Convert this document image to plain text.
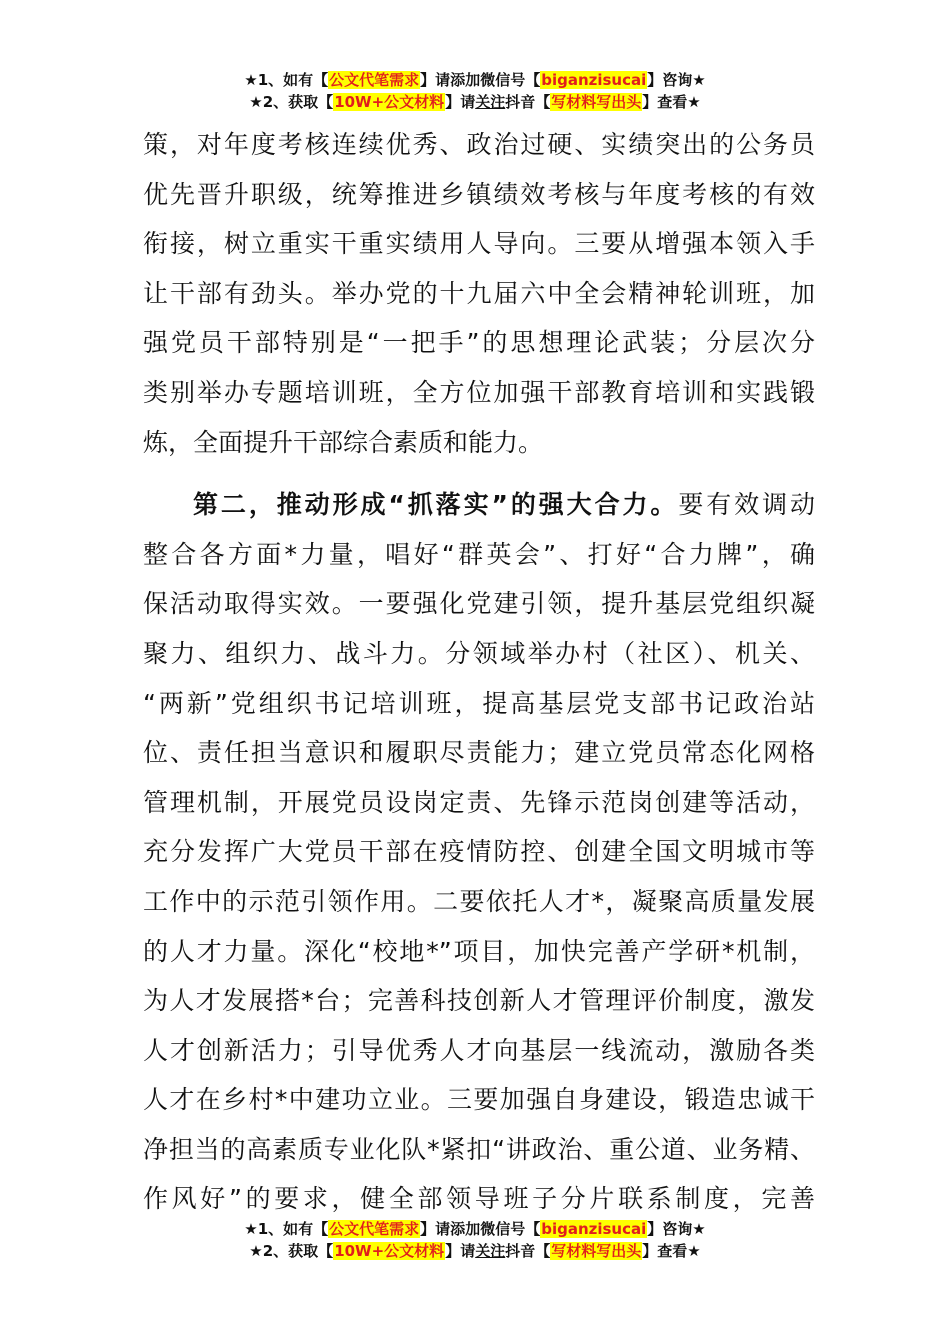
★1、如有【公文代笔需求】请添加微信号【biganzisucai】咨询★
★2、获取【10W+公文材料】请关注抖音【写材料写出头】查看★
策，对年度考核连续优秀、政治过硬、实绩突出的公务员
优先晋升职级，统筹推进乡镇绩效考核与年度考核的有效
衔接，树立重实干重实绩用人导向。三要从增强本领入手
让干部有劲头。举办党的十九届六中全会精神轮训班，加
强党员干部特别是“一把手”的思想理论武装；分层次分
类别举办专题培训班，全方位加强干部教育培训和实践锻
炼，全面提升干部综合素质和能力。
第二，推动形成“抓落实”的强大合力。要有效调动
整合各方面*力量，唱好“群英会”、打好“合力牌”，确
保活动取得实效。一要强化党建引领，提升基层党组织凝
聚力、组织力、战斗力。分领域举办村（社区）、机关、
“两新”党组织书记培训班，提高基层党支部书记政治站
位、责任担当意识和履职尽责能力；建立党员常态化网格
管理机制，开展党员设岗定责、先锋示范岗创建等活动，
充分发挥广大党员干部在疫情防控、创建全国文明城市等
工作中的示范引领作用。二要依托人才*，凝聚高质量发展
的人才力量。深化“校地*”项目，加快完善产学研*机制，
为人才发展搭*台；完善科技创新人才管理评价制度，激发
人才创新活力；引导优秀人才向基层一线流动，激励各类
人才在乡村*中建功立业。三要加强自身建设，锻造忠诚干
净担当的高素质专业化队*紧扣“讲政治、重公道、业务精、
作风好”的要求，健全部领导班子分片联系制度，完善
★1、如有【公文代笔需求】请添加微信号【biganzisucai】咨询★
★2、获取【10W+公文材料】请关注抖音【写材料写出头】查看★
